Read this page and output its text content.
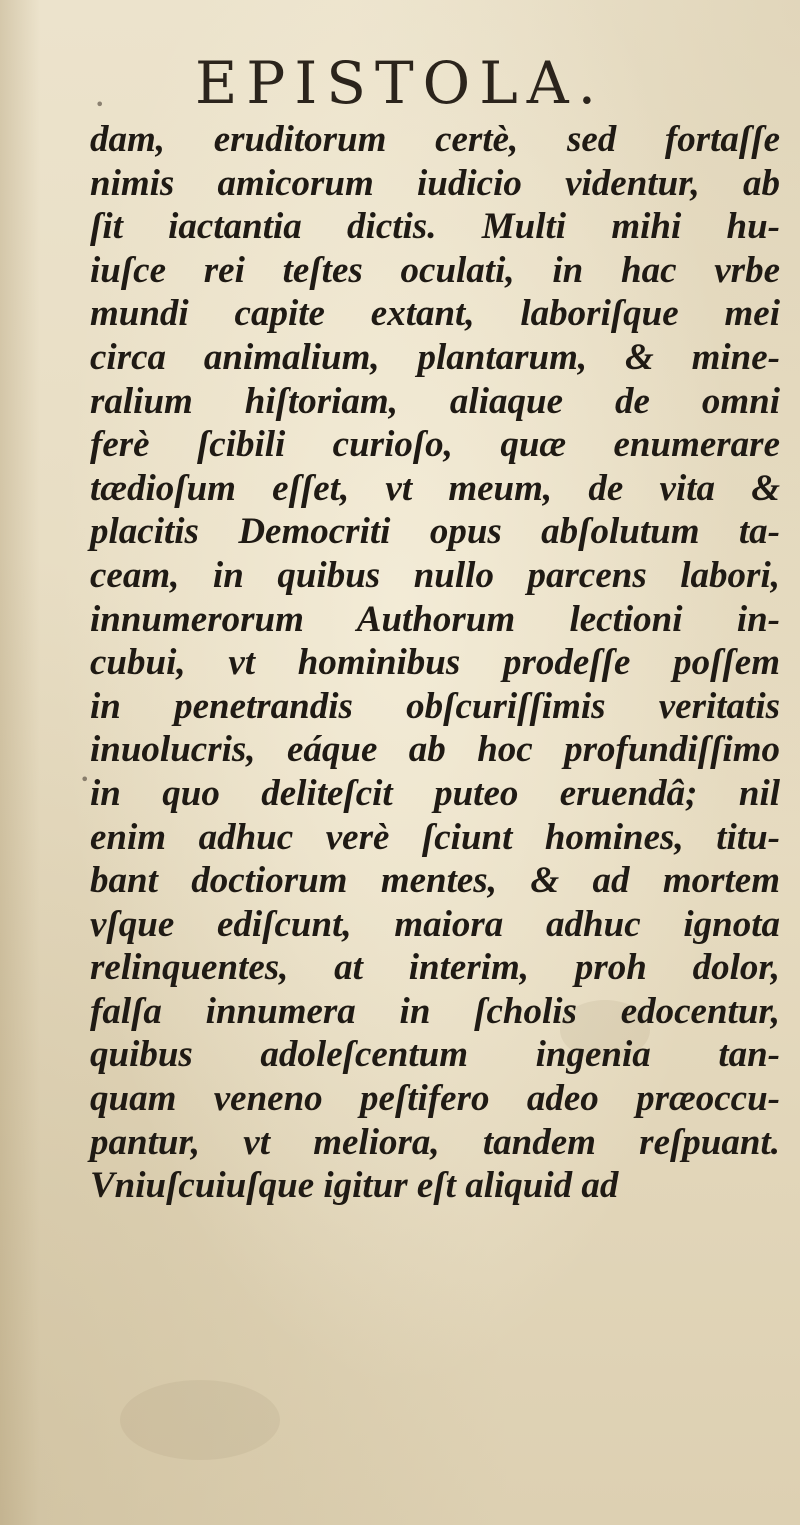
•
•
EPISTOLA.
dam, eruditorum certè, sed fortaſſe
nimis amicorum iudicio videntur, ab
ſit iactantia dictis. Multi mihi hu-
iuſce rei teſtes oculati, in hac vrbe
mundi capite extant, laboriſque mei
circa animalium, plantarum, & mine-
ralium hiſtoriam, aliaque de omni
ferè ſcibili curioſo, quæ enumerare
tædioſum eſſet, vt meum, de vita &
placitis Democriti opus abſolutum ta-
ceam, in quibus nullo parcens labori,
innumerorum Authorum lectioni in-
cubui, vt hominibus prodeſſe poſſem
in penetrandis obſcuriſſimis veritatis
inuolucris, eáque ab hoc profundiſſimo
in quo delitеſcit puteo eruendâ; nil
enim adhuc verè ſciunt homines, titu-
bant doctiorum mentes, & ad mortem
vſque ediſcunt, maiora adhuc ignota
relinquentes, at interim, proh dolor,
falſa innumera in ſcholis edocentur,
quibus adoleſcentum ingenia tan-
quam veneno peſtifero adeo præoccu-
pantur, vt meliora, tandem reſpuant.
Vniuſcuiuſque igitur eſt aliquid ad
